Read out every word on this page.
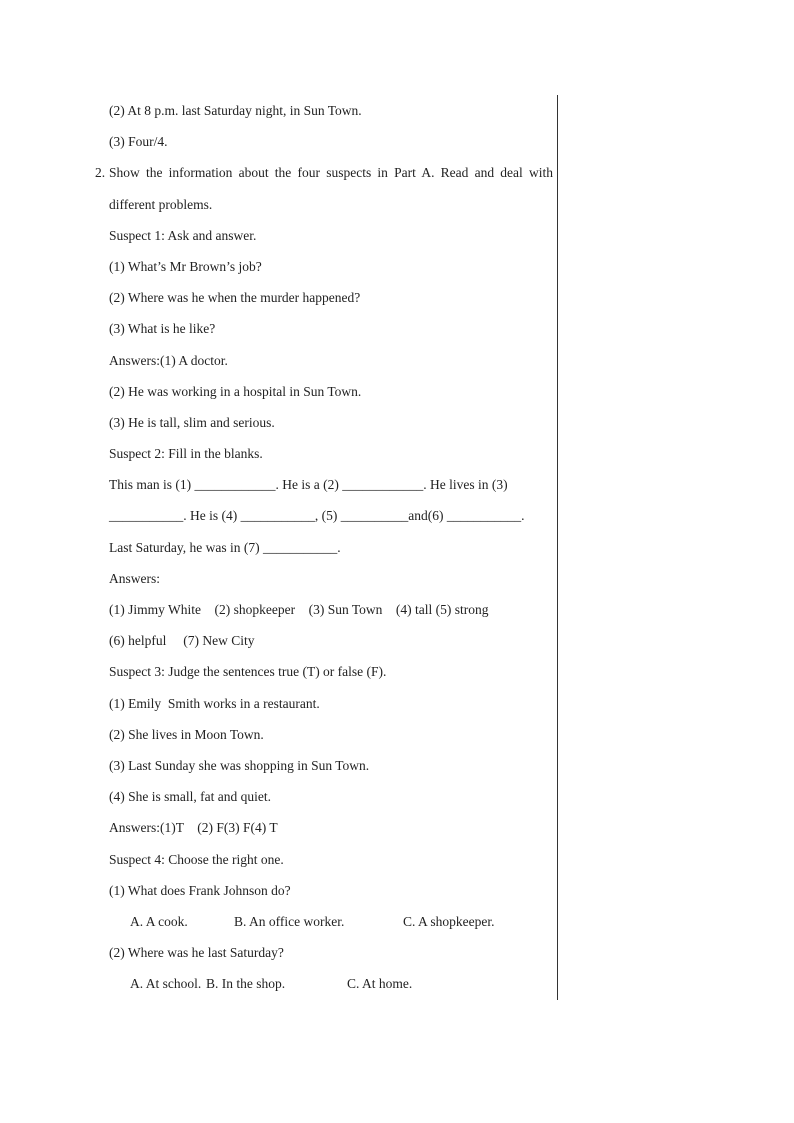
(2) At 8 p.m. last Saturday night, in Sun Town.
(3) Four/4.
2. Show the information about the four suspects in Part A. Read and deal with
different problems.
Suspect 1: Ask and answer.
(1) What’s Mr Brown’s job?
(2) Where was he when the murder happened?
(3) What is he like?
Answers:(1) A doctor.
(2) He was working in a hospital in Sun Town.
(3) He is tall, slim and serious.
Suspect 2: Fill in the blanks.
This man is (1) ____________. He is a (2) ____________. He lives in (3)
___________. He is (4) ___________, (5) __________and(6) ___________.
Last Saturday, he was in (7) ___________.
Answers:
(1) Jimmy White    (2) shopkeeper    (3) Sun Town    (4) tall (5) strong
(6) helpful     (7) New City
Suspect 3: Judge the sentences true (T) or false (F).
(1) Emily  Smith works in a restaurant.
(2) She lives in Moon Town.
(3) Last Sunday she was shopping in Sun Town.
(4) She is small, fat and quiet.
Answers:(1)T    (2) F(3) F(4) T
Suspect 4: Choose the right one.
(1) What does Frank Johnson do?
A. A cook.	B. An office worker.	C. A shopkeeper.
(2) Where was he last Saturday?
A. At school. B. In the shop.	C. At home.
